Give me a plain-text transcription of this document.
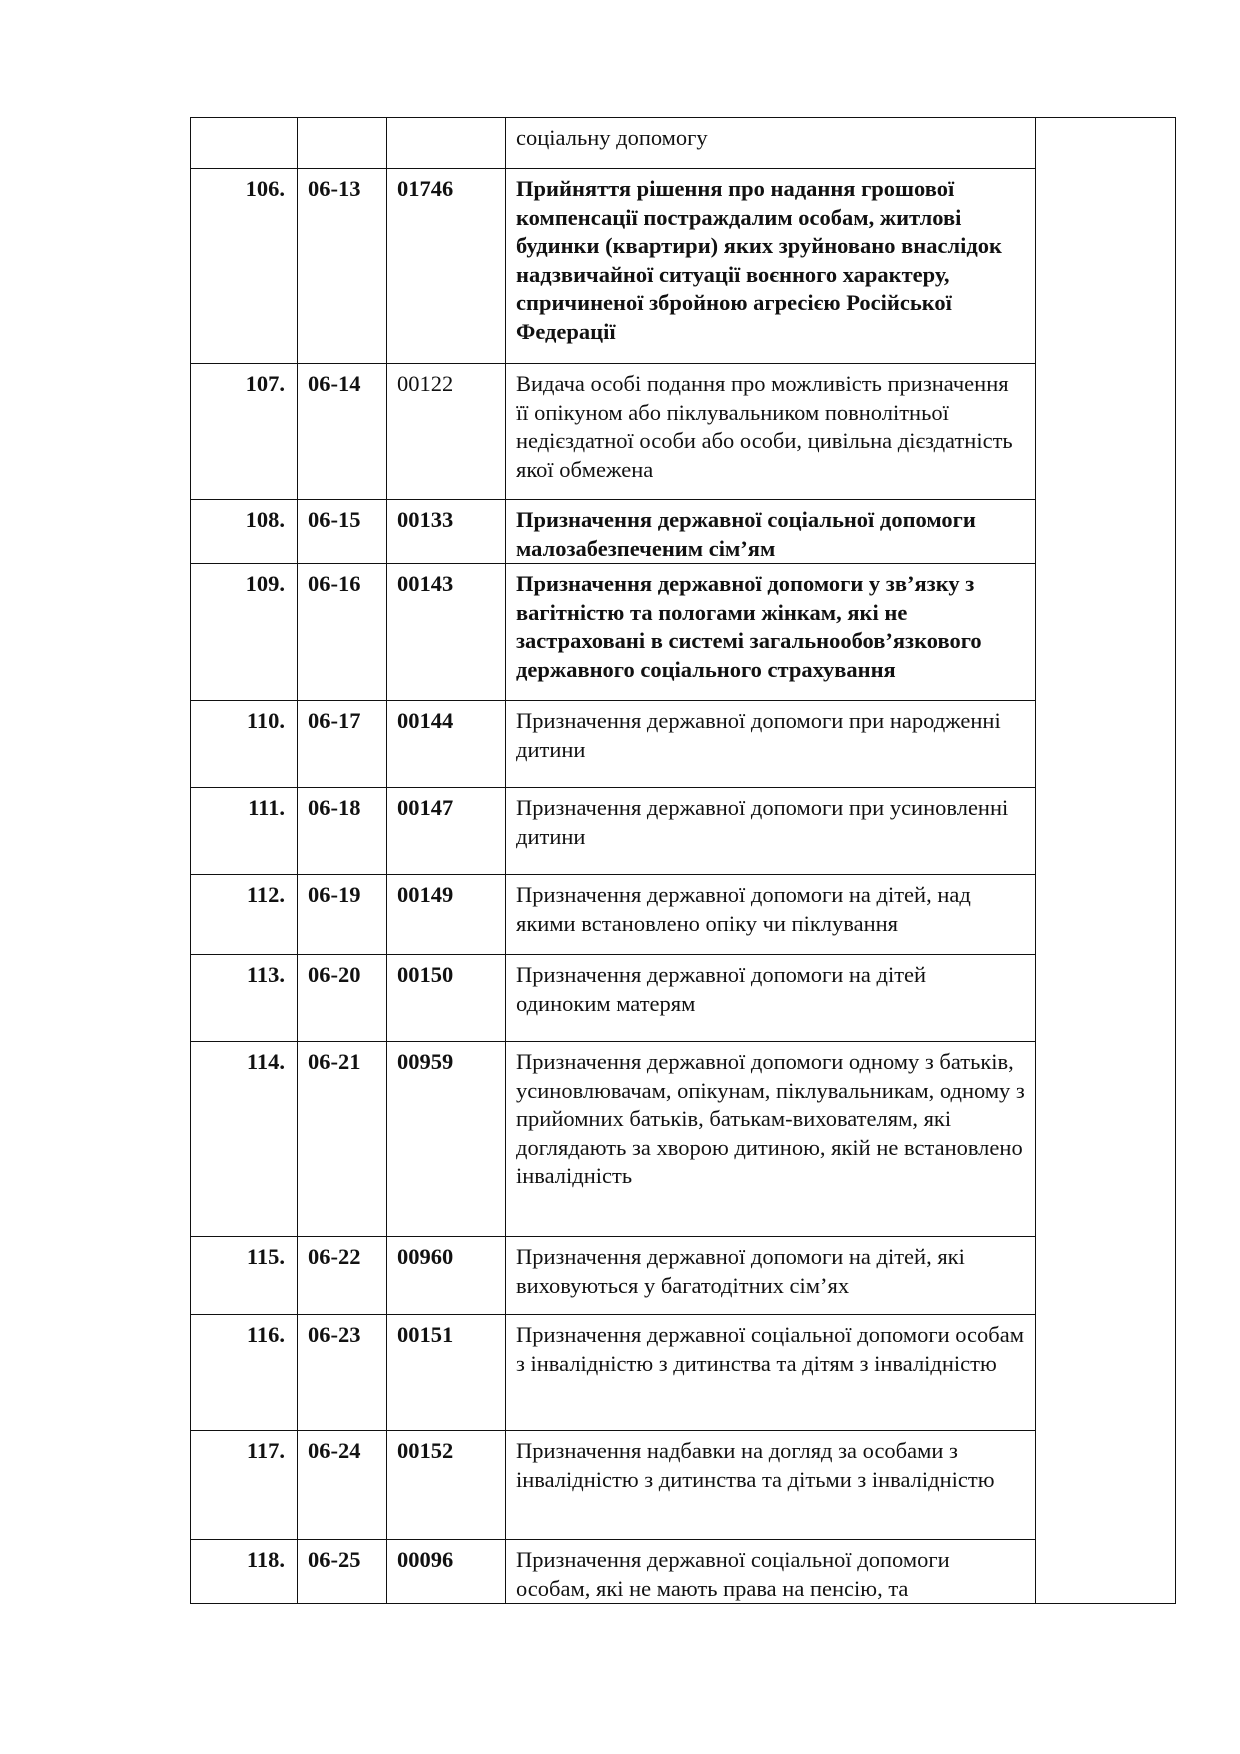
			соціальну допомогу	
106.	06-13	01746	Прийняття рішення про надання грошової компенсації постраждалим особам, житлові будинки (квартири) яких зруйновано внаслідок надзвичайної ситуації воєнного характеру, спричиненої збройною агресією Російської Федерації	
107.	06-14	00122	Видача особі подання про можливість призначення її опікуном або піклувальником повнолітньої недієздатної особи або особи, цивільна дієздатність якої обмежена	
108.	06-15	00133	Призначення державної соціальної допомоги малозабезпеченим сім’ям	
109.	06-16	00143	Призначення державної допомоги у зв’язку з вагітністю та пологами жінкам, які не застраховані в системі загальнообов’язкового державного соціального страхування	
110.	06-17	00144	Призначення державної допомоги при народженні дитини	
111.	06-18	00147	Призначення державної допомоги при усиновленні дитини	
112.	06-19	00149	Призначення державної допомоги на дітей, над якими встановлено опіку чи піклування	
113.	06-20	00150	Призначення державної допомоги на дітей одиноким матерям	
114.	06-21	00959	Призначення державної допомоги одному з батьків, усиновлювачам, опікунам, піклувальникам, одному з прийомних батьків, батькам-вихователям, які доглядають за хворою дитиною, якій не встановлено інвалідність	
115.	06-22	00960	Призначення державної допомоги на дітей, які виховуються у багатодітних сім’ях	
116.	06-23	00151	Призначення державної соціальної допомоги особам з інвалідністю з дитинства та дітям з інвалідністю	
117.	06-24	00152	Призначення надбавки на догляд за особами з інвалідністю з дитинства та дітьми з інвалідністю	
118.	06-25	00096	Призначення державної соціальної допомоги особам, які не мають права на пенсію, та	
